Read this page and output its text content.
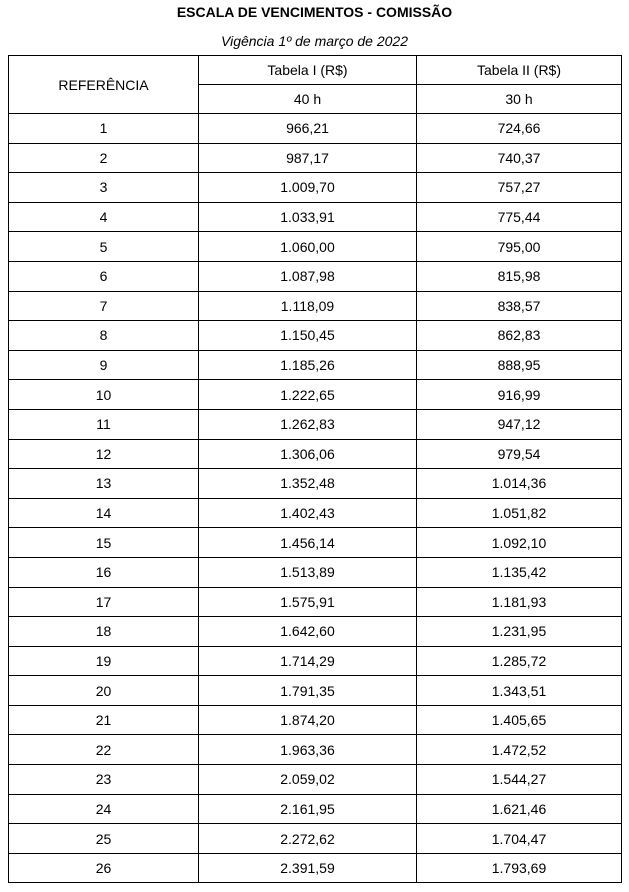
ESCALA DE VENCIMENTOS - COMISSÃO
Vigência 1º de março de 2022
REFERÊNCIA	Tabela I (R$)	Tabela II (R$)
	40 h	30 h
1	966,21	724,66
2	987,17	740,37
3	1.009,70	757,27
4	1.033,91	775,44
5	1.060,00	795,00
6	1.087,98	815,98
7	1.118,09	838,57
8	1.150,45	862,83
9	1.185,26	888,95
10	1.222,65	916,99
11	1.262,83	947,12
12	1.306,06	979,54
13	1.352,48	1.014,36
14	1.402,43	1.051,82
15	1.456,14	1.092,10
16	1.513,89	1.135,42
17	1.575,91	1.181,93
18	1.642,60	1.231,95
19	1.714,29	1.285,72
20	1.791,35	1.343,51
21	1.874,20	1.405,65
22	1.963,36	1.472,52
23	2.059,02	1.544,27
24	2.161,95	1.621,46
25	2.272,62	1.704,47
26	2.391,59	1.793,69
